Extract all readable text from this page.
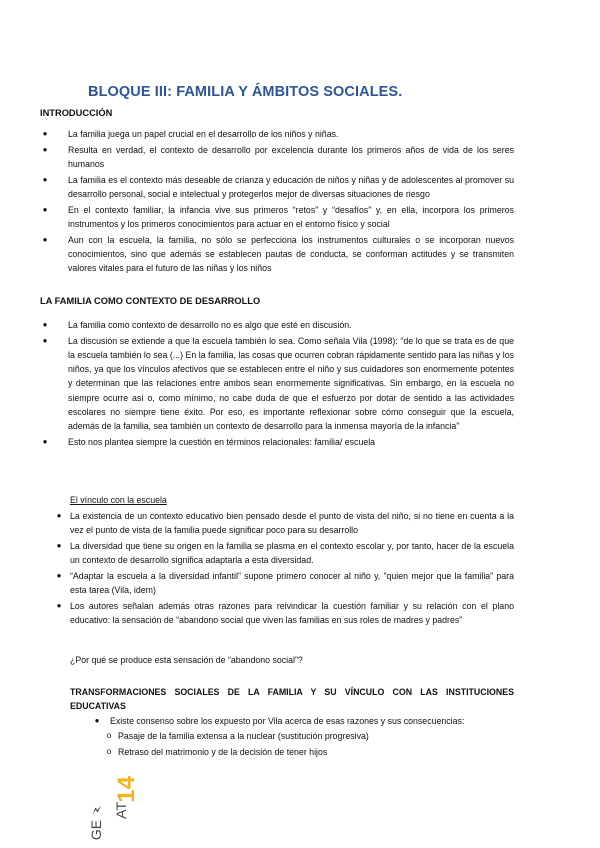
BLOQUE III: FAMILIA Y ÁMBITOS SOCIALES.
INTRODUCCIÓN
● La familia juega un papel crucial en el desarrollo de los niños y niñas.
● Resulta en verdad, el contexto de desarrollo por excelencia durante los primeros años de vida de los seres humanos
● La familia es el contexto más deseable de crianza y educación de niños y niñas y de adolescentes al promover su desarrollo personal, social e intelectual y protegerlos mejor de diversas situaciones de riesgo
● En el contexto familiar, la infancia vive sus primeros “retos” y “desafíos” y, en ella, incorpora los primeros instrumentos y los primeros conocimientos para actuar en el entorno físico y social
● Aun con la escuela, la familia, no sólo se perfecciona los instrumentos culturales o se incorporan nuevos conocimientos, sino que además se establecen pautas de conducta, se conforman actitudes y se transmiten valores vitales para el futuro de las niñas y los niños
LA FAMILIA COMO CONTEXTO DE DESARROLLO
● La familia como contexto de desarrollo no es algo que esté en discusión.
● La discusión se extiende a que la escuela también lo sea. Como señala Vila (1998): “de lo que se trata es de que la escuela también lo sea (...) En la familia, las cosas que ocurren cobran rápidamente sentido para las niñas y los niños, ya que los vínculos afectivos que se establecen entre el niño y sus cuidadores son enormemente potentes y determinan que las relaciones entre ambos sean enormemente significativas. Sin embargo, en la escuela no siempre ocurre así o, como mínimo, no cabe duda de que el esfuerzo por dotar de sentido a las actividades escolares no siempre tiene éxito. Por eso, es importante reflexionar sobre cómo conseguir que la escuela, además de la familia, sea también un contexto de desarrollo para la inmensa mayoría de la infancia”
● Esto nos plantea siempre la cuestión en términos relacionales: familia/ escuela
El vínculo con la escuela
● La existencia de un contexto educativo bien pensado desde el punto de vista del niño, si no tiene en cuenta a la vez el punto de vista de la familia puede significar poco para su desarrollo
● La diversidad que tiene su origen en la familia se plasma en el contexto escolar y, por tanto, hacer de la escuela un contexto de desarrollo significa adaptarla a esta diversidad.
● “Adaptar la escuela a la diversidad infantil” supone primero conocer al niño y, “quien mejor que la familia” para esta tarea (Vila, idem)
● Los autores señalan además otras razones para reivindicar la cuestión familiar y su relación con el plano educativo: la sensación de “abandono social que viven las familias en sus roles de madres y padres”
¿Por qué se produce esta sensación de “abandono social”?
TRANSFORMACIONES SOCIALES DE LA FAMILIA Y SU VÍNCULO CON LAS INSTITUCIONES EDUCATIVAS
● Existe consenso sobre los expuesto por Vila acerca de esas razones y sus consecuencias:
o Pasaje de la familia extensa a la nuclear (sustitución progresiva)
o Retraso del matrimonio y de la decisión de tener hijos
GE 🗲 AT
14
